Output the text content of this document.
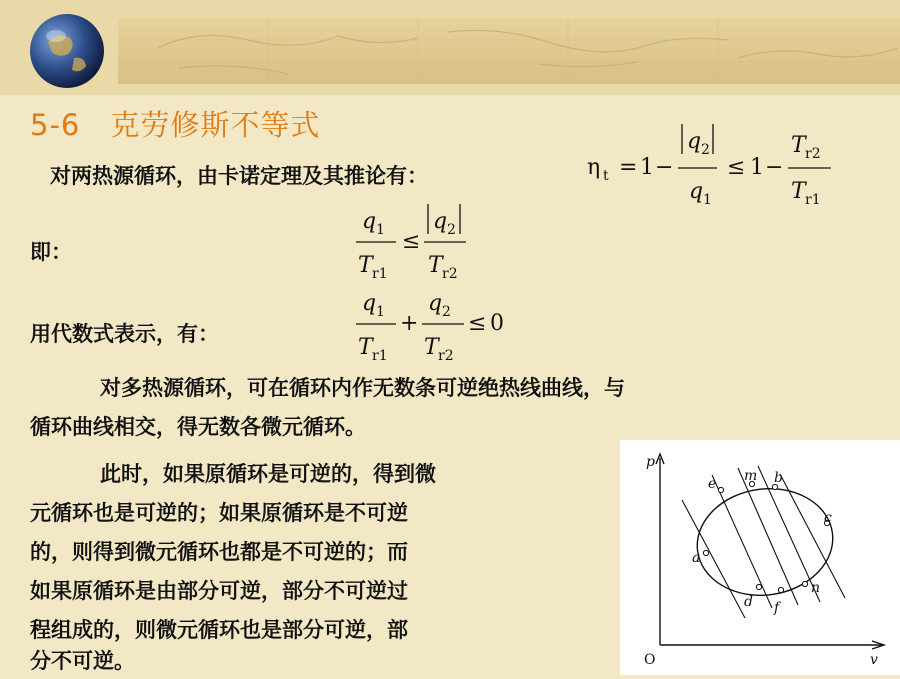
5-6　克劳修斯不等式
对两热源循环，由卡诺定理及其推论有：	η t = 1 −
q 2
q 1
≤ 1 −
T r2
T r1
即：
q 1
T r1
≤
q 2
T r2
用代数式表示，有：
q 1
T r1
+
q 2
T r2
≤ 0
对多热源循环，可在循环内作无数条可逆绝热线曲线，与
循环曲线相交，得无数各微元循环。
此时，如果原循环是可逆的，得到微
元循环也是可逆的；如果原循环是不可逆
的，则得到微元循环也都是不可逆的；而
如果原循环是由部分可逆，部分不可逆过
程组成的，则微元循环也是部分可逆，部
分不可逆。
p
v
O
e m b
c
a
d f
n
